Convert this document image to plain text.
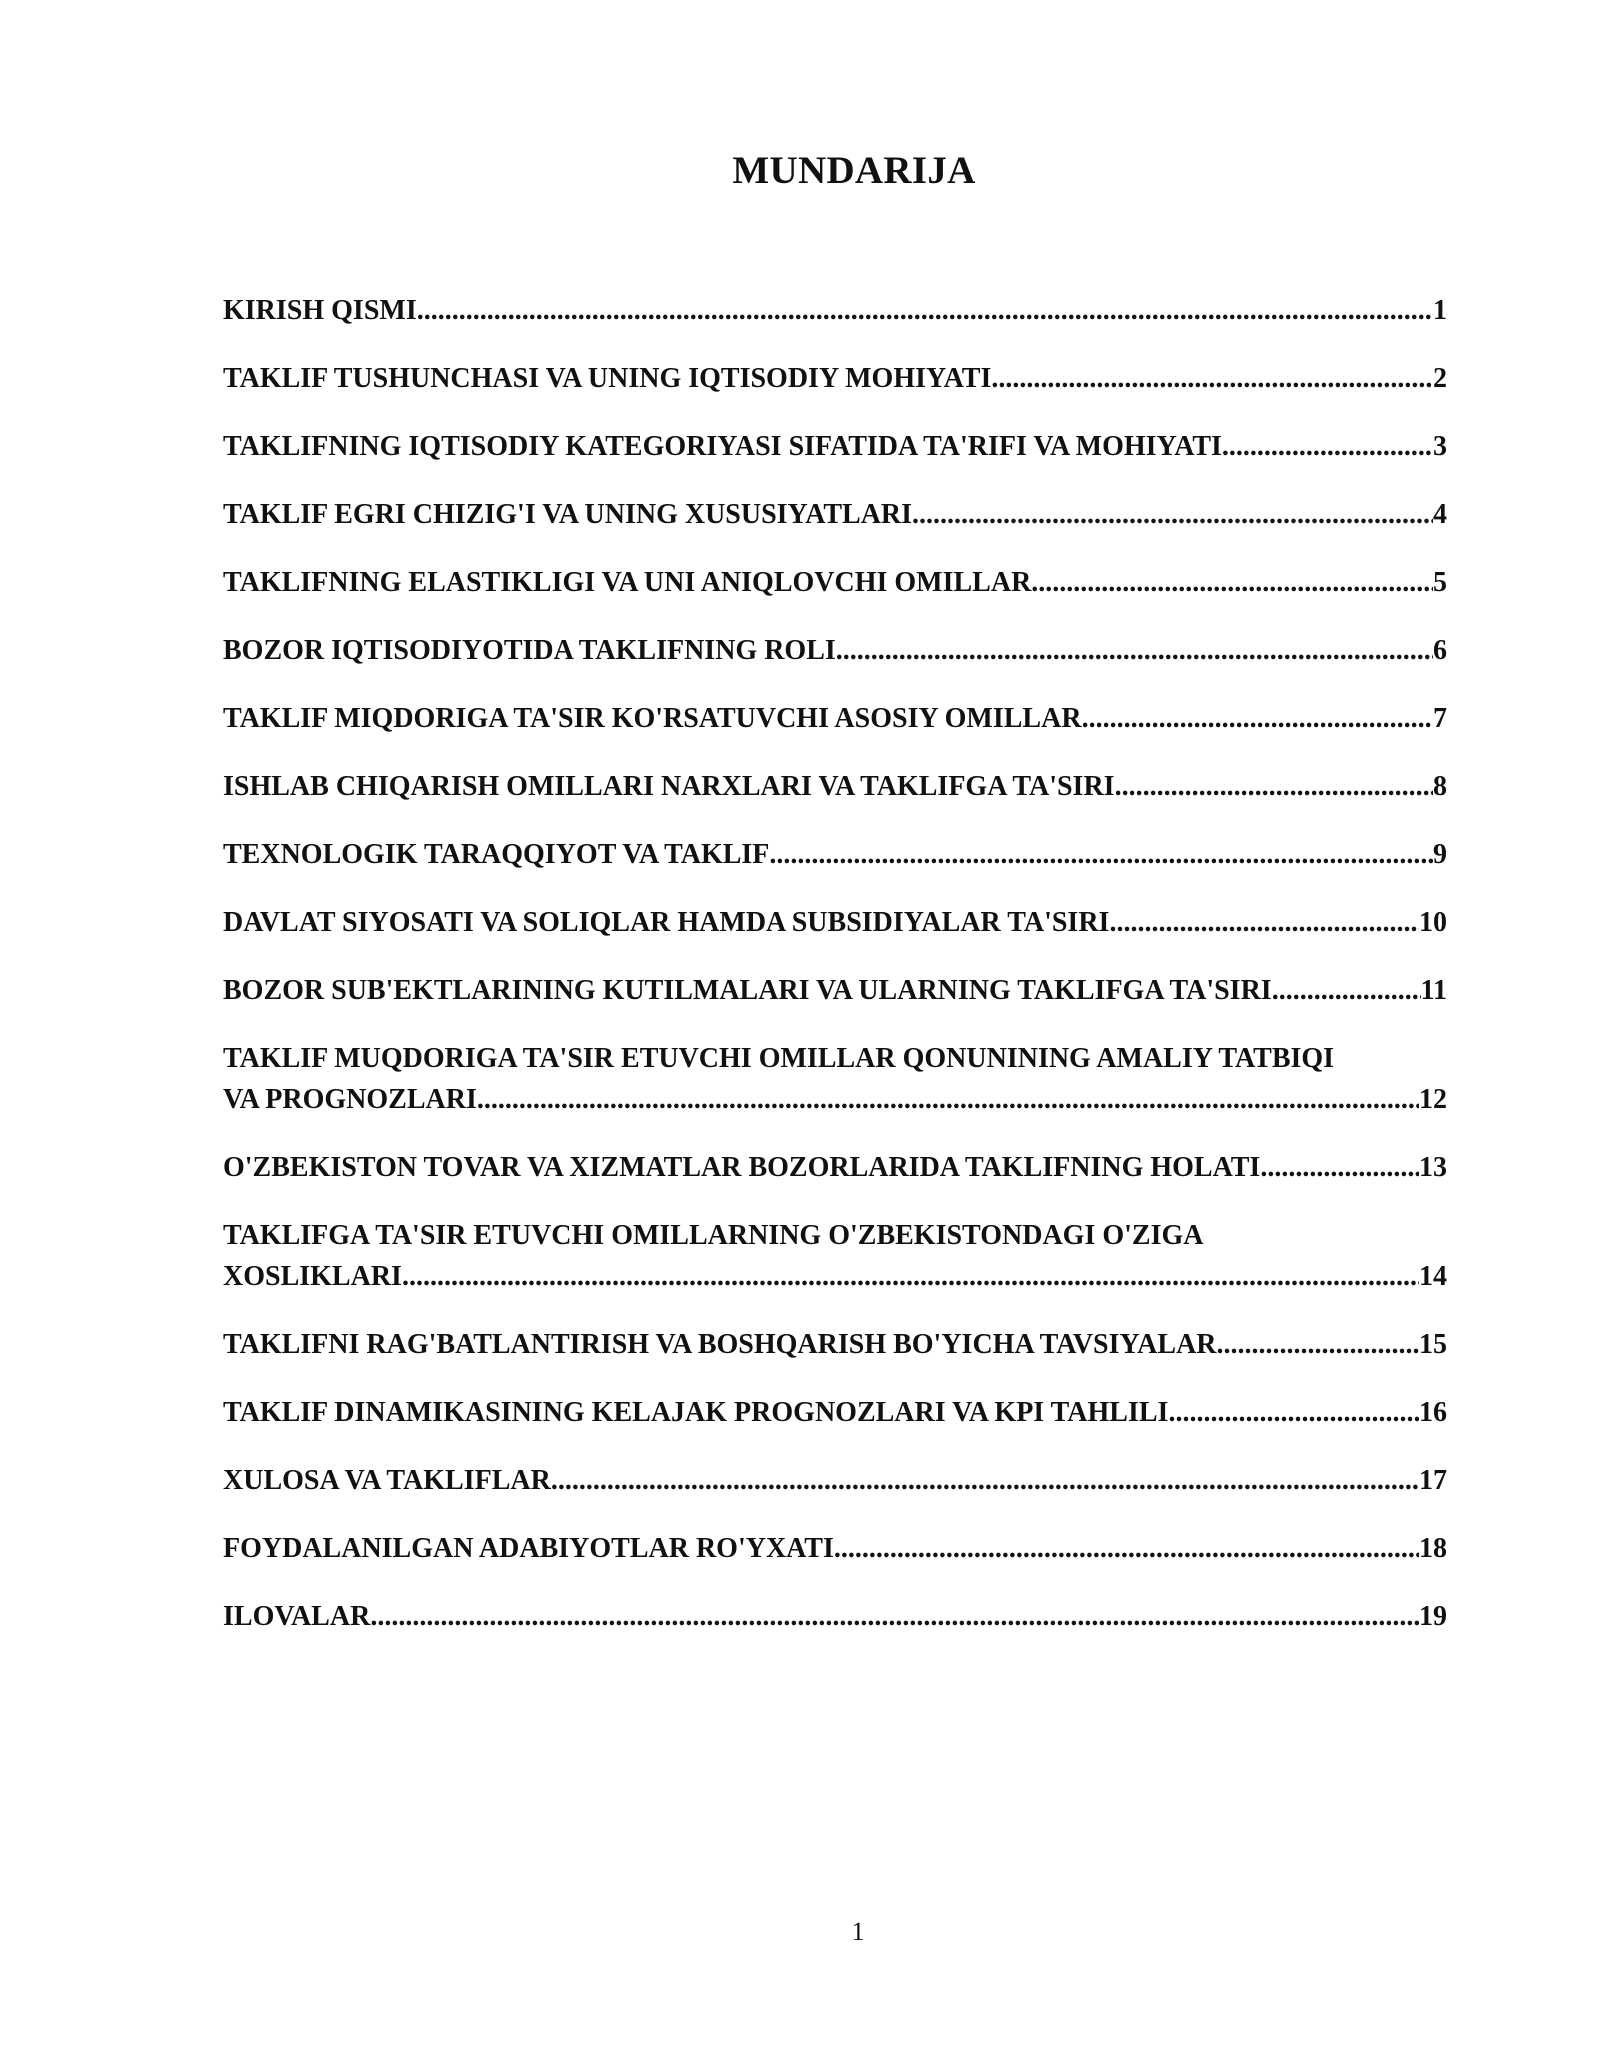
MUNDARIJA
KIRISH QISMI .....	1
TAKLIF TUSHUNCHASI VA UNING IQTISODIY MOHIYATI .....	2
TAKLIFNING IQTISODIY KATEGORIYASI SIFATIDA TA'RIFI VA MOHIYATI .....	3
TAKLIF EGRI CHIZIG'I VA UNING XUSUSIYATLARI .....	4
TAKLIFNING ELASTIKLIGI VA UNI ANIQLOVCHI OMILLAR .....	5
BOZOR IQTISODIYOTIDA TAKLIFNING ROLI .....	6
TAKLIF MIQDORIGA TA'SIR KO'RSATUVCHI ASOSIY OMILLAR .....	7
ISHLAB CHIQARISH OMILLARI NARXLARI VA TAKLIFGA TA'SIRI .....	8
TEXNOLOGIK TARAQQIYOT VA TAKLIF .....	9
DAVLAT SIYOSATI VA SOLIQLAR HAMDA SUBSIDIYALAR TA'SIRI .....	10
BOZOR SUB'EKTLARINING KUTILMALARI VA ULARNING TAKLIFGA TA'SIRI .....	11
TAKLIF MUQDORIGA TA'SIR ETUVCHI OMILLAR QONUNINING AMALIY TATBIQI
VA PROGNOZLARI .....	12
O'ZBEKISTON TOVAR VA XIZMATLAR BOZORLARIDA TAKLIFNING HOLATI. .....	13
TAKLIFGA TA'SIR ETUVCHI OMILLARNING O'ZBEKISTONDAGI O'ZIGA
XOSLIKLARI .....	14
TAKLIFNI RAG'BATLANTIRISH VA BOSHQARISH BO'YICHA TAVSIYALAR .....	15
TAKLIF DINAMIKASINING KELAJAK PROGNOZLARI VA KPI TAHLILI .....	16
XULOSA VA TAKLIFLAR .....	17
FOYDALANILGAN ADABIYOTLAR RO'YXATI .....	18
ILOVALAR .....	19
1
